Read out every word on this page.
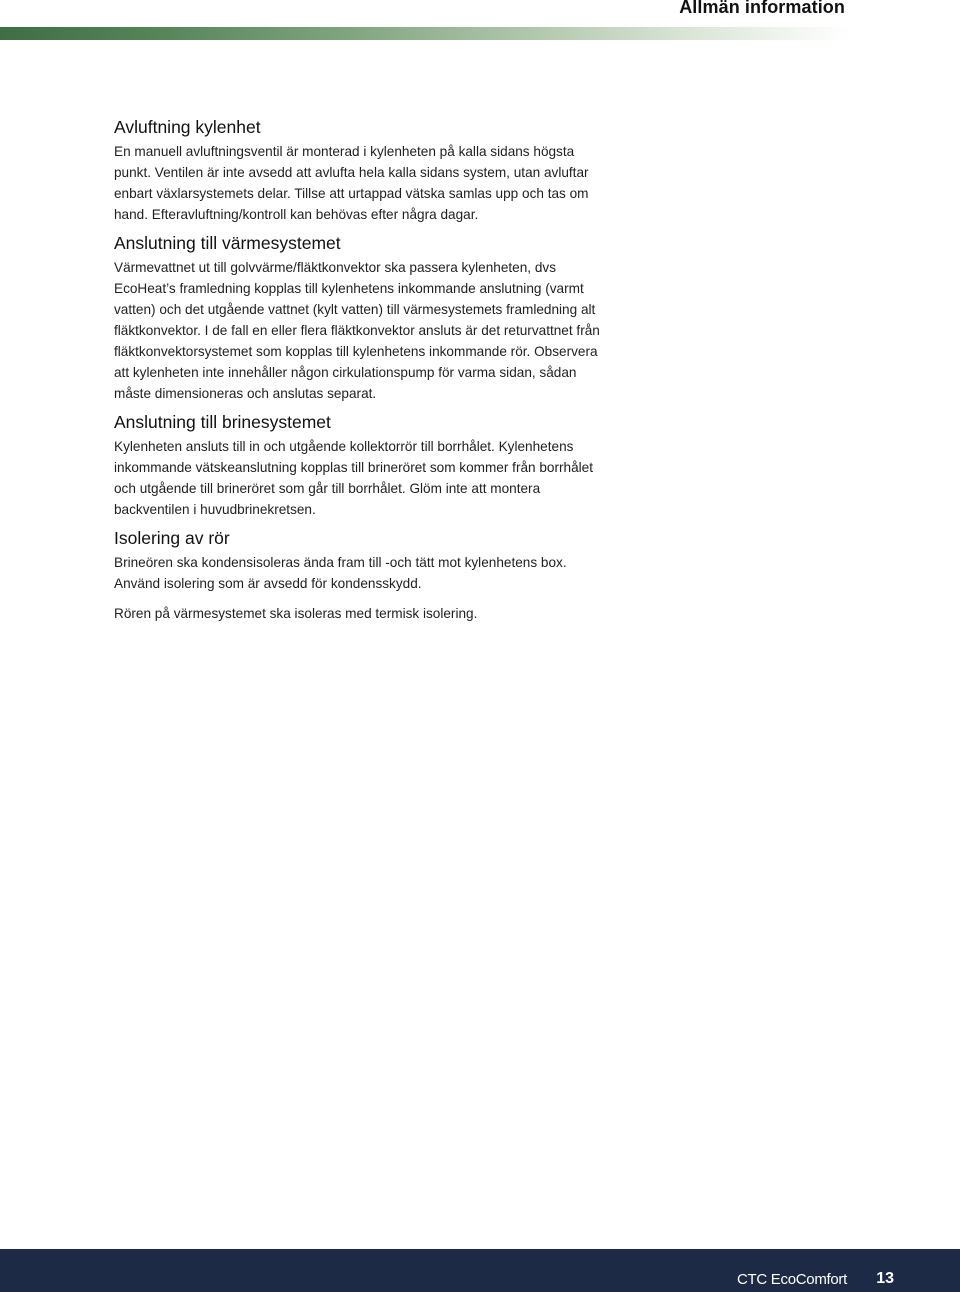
Allmän information
Avluftning kylenhet

En manuell avluftningsventil är monterad i kylenheten på kalla sidans högsta punkt. Ventilen är inte avsedd att avlufta hela kalla sidans system, utan avluftar enbart växlarsystemets delar. Tillse att urtappad vätska samlas upp och tas om hand. Efteravluftning/kontroll kan behövas efter några dagar.

Anslutning till värmesystemet

Värmevattnet ut till golvvärme/fläktkonvektor ska passera kylenheten, dvs EcoHeat’s framledning kopplas till kylenhetens inkommande anslutning (varmt vatten) och det utgående vattnet (kylt vatten) till värmesystemets framledning alt fläktkonvektor. I de fall en eller flera fläktkonvektor ansluts är det returvattnet från fläktkonvektorsystemet som kopplas till kylenhetens inkommande rör. Observera att kylenheten inte innehåller någon cirkulationspump för varma sidan, sådan måste dimensioneras och anslutas separat.

Anslutning till brinesystemet

Kylenheten ansluts till in och utgående kollektorrör till borrhålet. Kylenhetens inkommande vätskeanslutning kopplas till brineröret som kommer från borrhålet och utgående till brineröret som går till borrhålet. Glöm inte att montera backventilen i huvudbrinekretsen.

Isolering av rör

Brineören ska kondensisoleras ända fram till -och tätt mot kylenhetens box. Använd isolering som är avsedd för kondensskydd.

Rören på värmesystemet ska isoleras med termisk isolering.

CTC EcoComfort 13
